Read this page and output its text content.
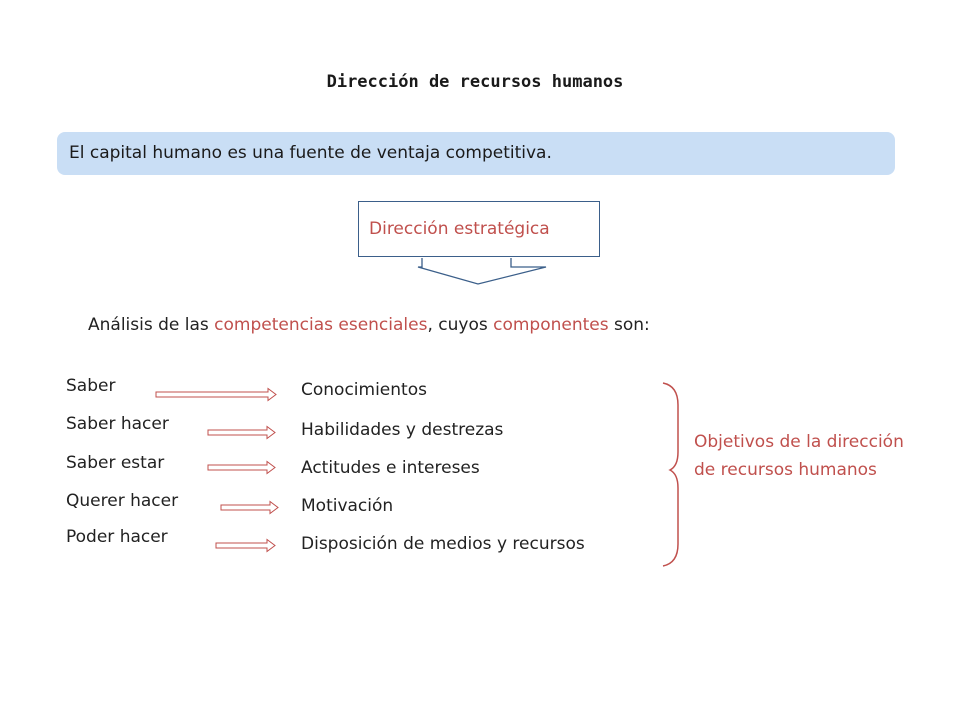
Dirección de recursos humanos
El capital humano es una fuente de ventaja competitiva.
Dirección estratégica
Análisis de las competencias esenciales, cuyos componentes son:
Saber
Saber hacer
Saber estar
Querer hacer
Poder hacer
Conocimientos
Habilidades y destrezas
Actitudes e intereses
Motivación
Disposición de medios y recursos
Objetivos de la dirección de recursos humanos
